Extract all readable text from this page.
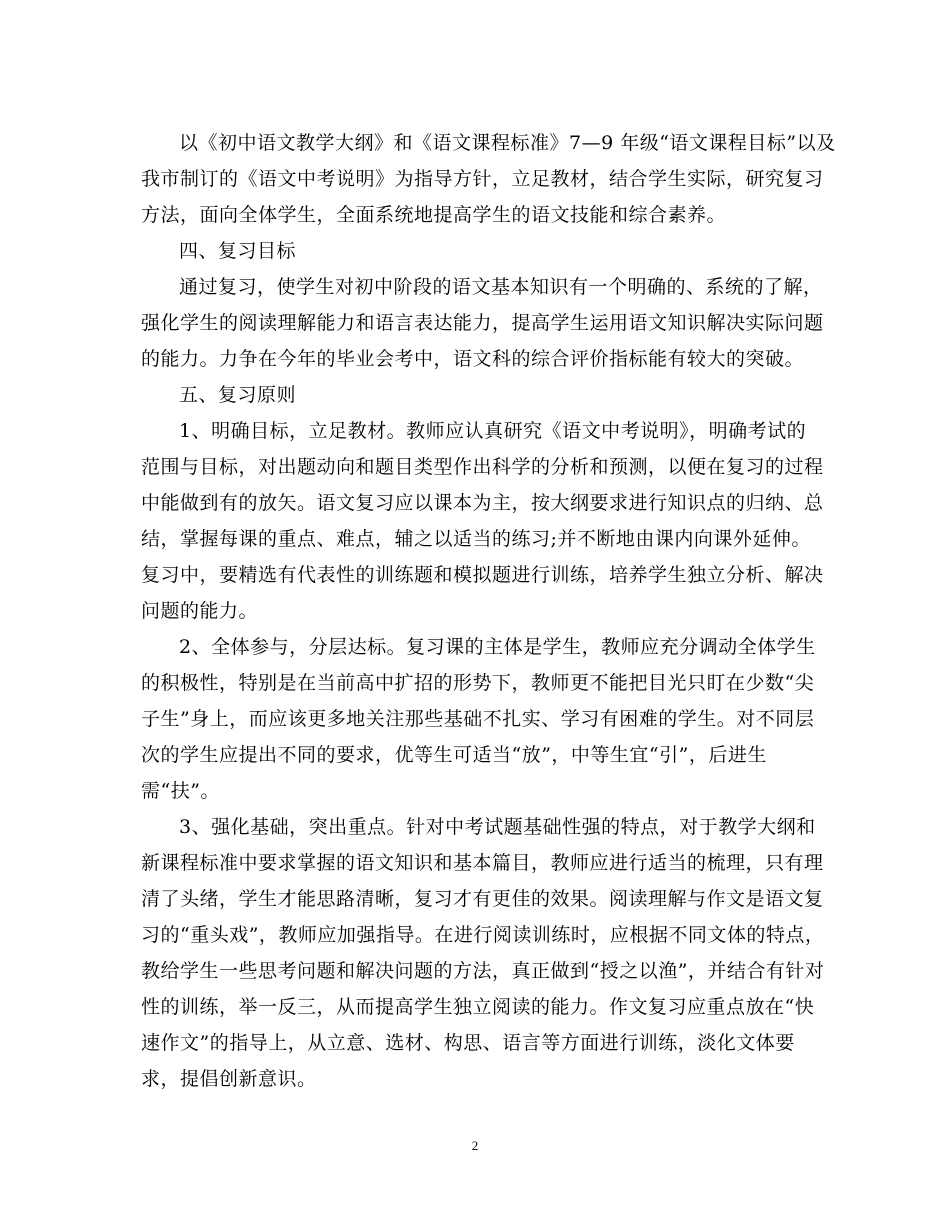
以《初中语文教学大纲》和《语文课程标准》7—9 年级“语文课程目标”以及
我市制订的《语文中考说明》为指导方针，立足教材，结合学生实际，研究复习
方法，面向全体学生，全面系统地提高学生的语文技能和综合素养。
四、复习目标
通过复习，使学生对初中阶段的语文基本知识有一个明确的、系统的了解，
强化学生的阅读理解能力和语言表达能力，提高学生运用语文知识解决实际问题
的能力。力争在今年的毕业会考中，语文科的综合评价指标能有较大的突破。
五、复习原则
1、明确目标，立足教材。教师应认真研究《语文中考说明》，明确考试的
范围与目标，对出题动向和题目类型作出科学的分析和预测，以便在复习的过程
中能做到有的放矢。语文复习应以课本为主，按大纲要求进行知识点的归纳、总
结，掌握每课的重点、难点，辅之以适当的练习;并不断地由课内向课外延伸。
复习中，要精选有代表性的训练题和模拟题进行训练，培养学生独立分析、解决
问题的能力。
2、全体参与，分层达标。复习课的主体是学生，教师应充分调动全体学生
的积极性，特别是在当前高中扩招的形势下，教师更不能把目光只盯在少数“尖
子生”身上，而应该更多地关注那些基础不扎实、学习有困难的学生。对不同层
次的学生应提出不同的要求，优等生可适当“放”，中等生宜“引”，后进生
需“扶”。
3、强化基础，突出重点。针对中考试题基础性强的特点，对于教学大纲和
新课程标准中要求掌握的语文知识和基本篇目，教师应进行适当的梳理，只有理
清了头绪，学生才能思路清晰，复习才有更佳的效果。阅读理解与作文是语文复
习的“重头戏”，教师应加强指导。在进行阅读训练时，应根据不同文体的特点，
教给学生一些思考问题和解决问题的方法，真正做到“授之以渔”，并结合有针对
性的训练，举一反三，从而提高学生独立阅读的能力。作文复习应重点放在“快
速作文”的指导上，从立意、选材、构思、语言等方面进行训练，淡化文体要
求，提倡创新意识。
2
